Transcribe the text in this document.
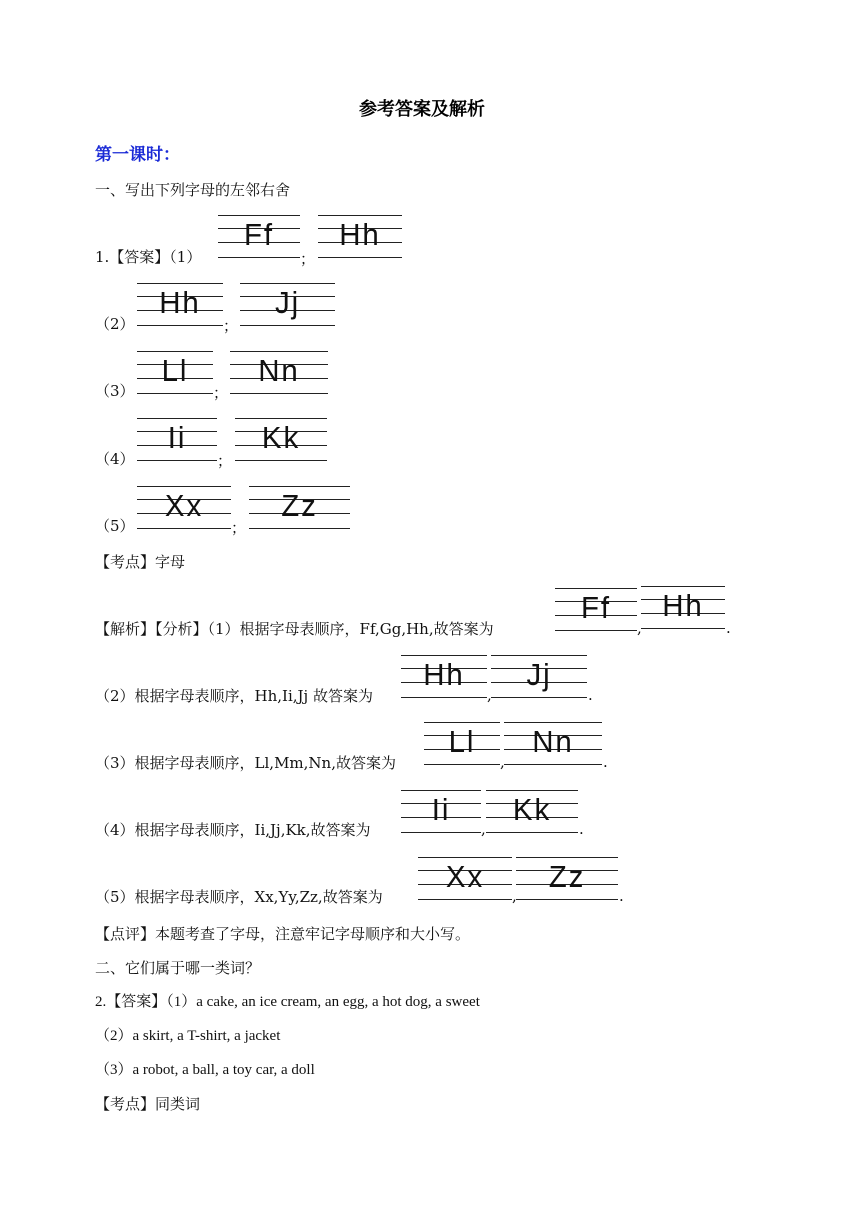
参考答案及解析
第一课时：
一、写出下列字母的左邻右舍
1.【答案】（1）
Ff
；
Hh
（2）
Hh
；
Jj
（3）
Ll
；
Nn
（4）
Ii
；
Kk
（5）
Xx
；
Zz
【考点】字母
【解析】【分析】（1）根据字母表顺序，Ff,Gg,Hh,故答案为
Ff
,
Hh
.
（2）根据字母表顺序，Hh,Ii,Jj 故答案为
Hh
,
Jj
.
（3）根据字母表顺序，Ll,Mm,Nn,故答案为
Ll
,
Nn
.
（4）根据字母表顺序，Ii,Jj,Kk,故答案为
Ii
,
Kk
.
（5）根据字母表顺序，Xx,Yy,Zz,故答案为
Xx
,
Zz
.
【点评】本题考查了字母，注意牢记字母顺序和大小写。
二、它们属于哪一类词？
2.【答案】（1）a cake, an ice cream, an egg, a hot dog, a sweet
（2）a skirt, a T-shirt, a jacket
（3）a robot, a ball, a toy car, a doll
【考点】同类词
